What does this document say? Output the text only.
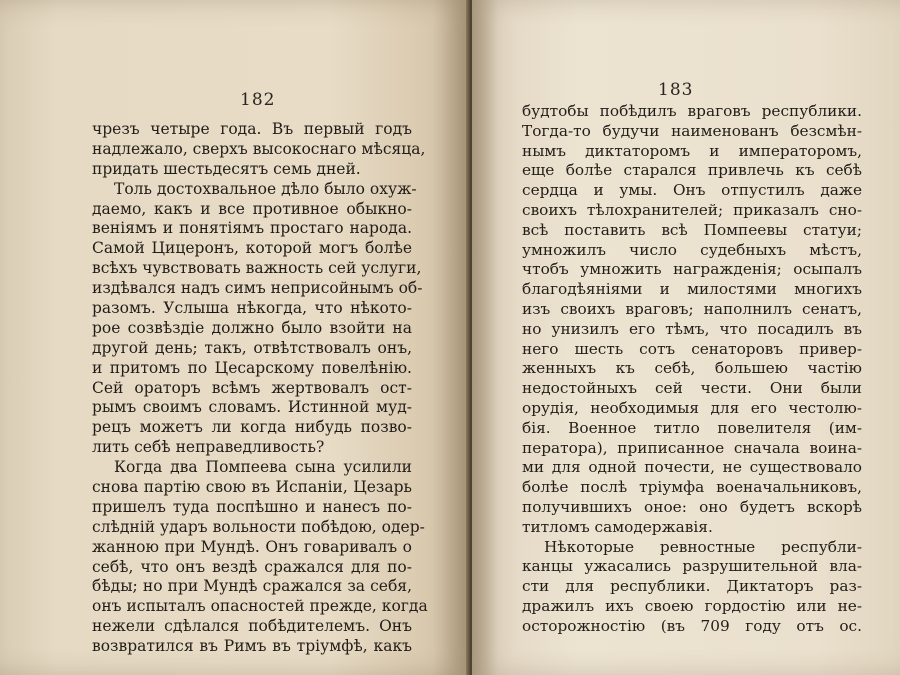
182
чрезъ четыре года. Въ первый годъ
надлежало, сверхъ высокоснаго мѣсяца,
придать шестьдесятъ семь дней.
Толь достохвальное дѣло было охуж-
даемо, какъ и все противное обыкно-
веніямъ и понятіямъ простаго народа.
Самой Цицеронъ, которой могъ болѣе
всѣхъ чувствовать важность сей услуги,
издѣвался надъ симъ неприсойнымъ об-
разомъ. Услыша нѣкогда, что нѣкото-
рое созвѣздіе должно было взойти на
другой день; такъ, отвѣтствовалъ онъ,
и притомъ по Цесарскому повелѣнію.
Сей ораторъ всѣмъ жертвовалъ ост-
рымъ своимъ словамъ. Истинной муд-
рецъ можетъ ли когда нибудь позво-
лить себѣ неправедливость?
Когда два Помпеева сына усилили
снова партію свою въ Испаніи, Цезарь
пришелъ туда поспѣшно и нанесъ по-
слѣдній ударъ вольности побѣдою, одер-
жанною при Мундѣ. Онъ говаривалъ о
себѣ, что онъ вездѣ сражался для по-
бѣды; но при Мундѣ сражался за себя,
онъ испыталъ опасностей прежде, когда
нежели сдѣлался побѣдителемъ. Онъ
возвратился въ Римъ въ тріумфѣ, какъ
183
будтобы побѣдилъ враговъ республики.
Тогда-то будучи наименованъ безсмѣн-
нымъ диктаторомъ и императоромъ,
еще болѣе старался привлечь къ себѣ
сердца и умы. Онъ отпустилъ даже
своихъ тѣлохранителей; приказалъ сно-
всѣ поставить всѣ Помпеевы статуи;
умножилъ число судебныхъ мѣстъ,
чтобъ умножить награжденія; осыпалъ
благодѣяніями и милостями многихъ
изъ своихъ враговъ; наполнилъ сенатъ,
но унизилъ его тѣмъ, что посадилъ въ
него шесть сотъ сенаторовъ привер-
женныхъ къ себѣ, большею частію
недостойныхъ сей чести. Они были
орудія, необходимыя для его честолю-
бія. Военное титло повелителя (им-
ператора), приписанное сначала воина-
ми для одной почести, не существовало
болѣе послѣ тріумфа военачальниковъ,
получившихъ оное: оно будетъ вскорѣ
титломъ самодержавія.
Нѣкоторые ревностные республи-
канцы ужасались разрушительной вла-
сти для республики. Диктаторъ раз-
дражилъ ихъ своею гордостію или не-
осторожностію (въ 709 году отъ ос.
